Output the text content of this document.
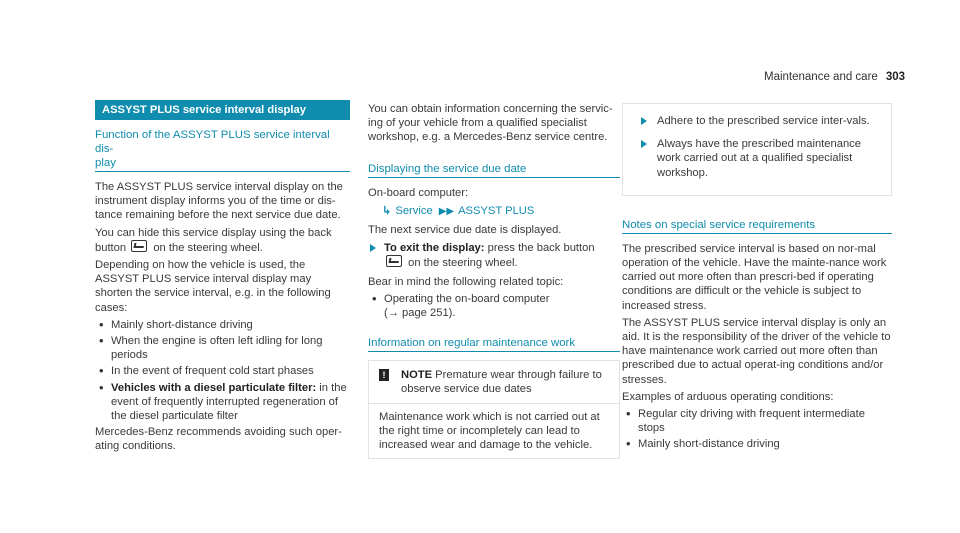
Maintenance and care 303
ASSYST PLUS service interval display
Function of the ASSYST PLUS service interval dis-
play

The ASSYST PLUS service interval display on the instrument display informs you of the time or dis-tance remaining before the next service due date.

You can hide this service display using the back button on the steering wheel.

Depending on how the vehicle is used, the ASSYST PLUS service interval display may shorten the service interval, e.g. in the following cases:

• Mainly short-distance driving
• When the engine is often left idling for long periods
• In the event of frequent cold start phases
• Vehicles with a diesel particulate filter: in the event of frequently interrupted regeneration of the diesel particulate filter

Mercedes-Benz recommends avoiding such oper-ating conditions.

You can obtain information concerning the servic-ing of your vehicle from a qualified specialist workshop, e.g. a Mercedes-Benz service centre.

Displaying the service due date

On-board computer:

↳ Service ▶▶ ASSYST PLUS

The next service due date is displayed.

To exit the display: press the back button
on the steering wheel.

Bear in mind the following related topic:

• Operating the on-board computer
(→ page 251).
Information on regular maintenance work
!	NOTE Premature wear through failure to observe service due dates
Maintenance work which is not carried out at the right time or incompletely can lead to increased wear and damage to the vehicle.
Adhere to the prescribed service inter-vals.
Always have the prescribed maintenance work carried out at a qualified specialist workshop.
Notes on special service requirements

The prescribed service interval is based on nor-mal operation of the vehicle. Have the mainte-nance work carried out more often than prescri-bed if operating conditions are difficult or the vehicle is subject to increased stress.

The ASSYST PLUS service interval display is only an aid. It is the responsibility of the driver of the vehicle to have maintenance work carried out more often than prescribed due to actual operat-ing conditions and/or stresses.

Examples of arduous operating conditions:

• Regular city driving with frequent intermediate stops
• Mainly short-distance driving
